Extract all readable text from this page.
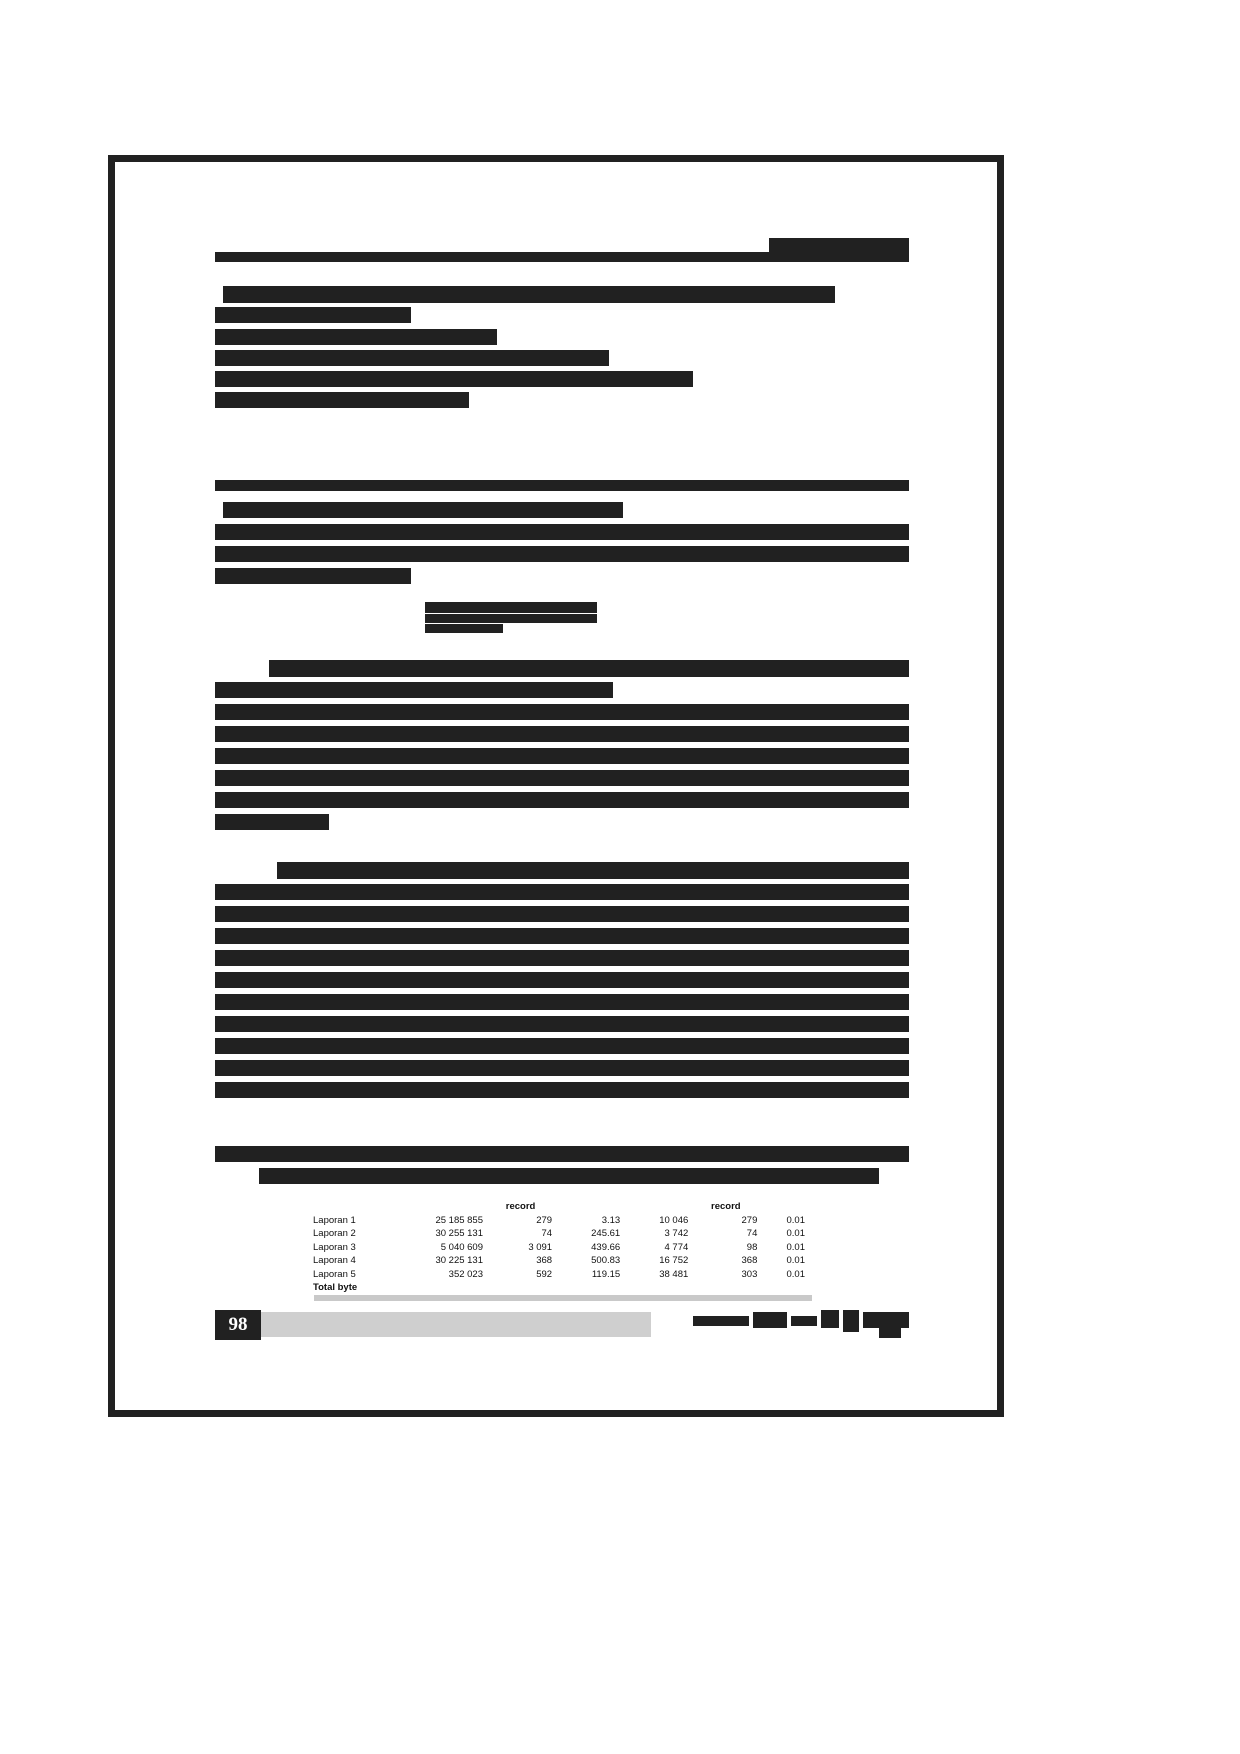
		record			record	
Laporan 1	25 185 855	279	3.13	10 046	279	0.01
Laporan 2	30 255 131	74	245.61	3 742	74	0.01
Laporan 3	5 040 609	3 091	439.66	4 774	98	0.01
Laporan 4	30 225 131	368	500.83	16 752	368	0.01
Laporan 5	352 023	592	119.15	38 481	303	0.01
Total byte						
98
